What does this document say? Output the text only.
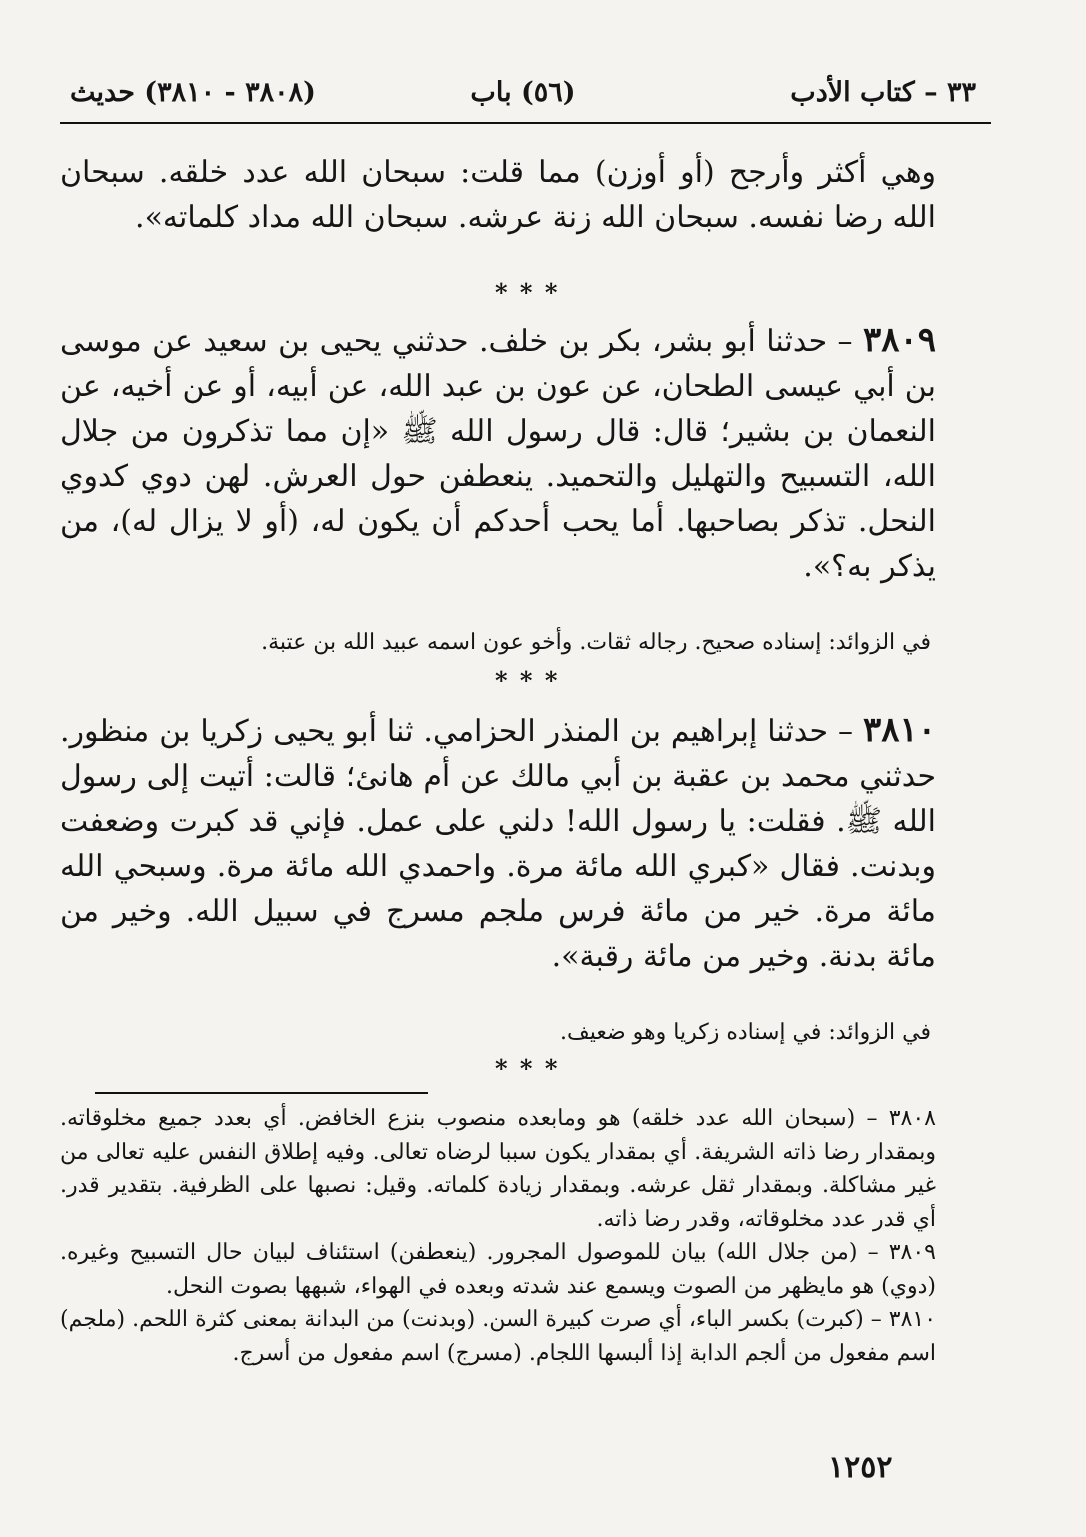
٣٣ – كتاب الأدب
(٥٦) باب
(٣٨٠٨ - ٣٨١٠) حديث
وهي أكثر وأرجح (أو أوزن) مما قلت: سبحان الله عدد خلقه. سبحان الله رضا نفسه. سبحان الله زنة عرشه. سبحان الله مداد كلماته».
* * *
٣٨٠٩ – حدثنا أبو بشر، بكر بن خلف. حدثني يحيى بن سعيد عن موسى بن أبي عيسى الطحان، عن عون بن عبد الله، عن أبيه، أو عن أخيه، عن النعمان بن بشير؛ قال: قال رسول الله ﷺ «إن مما تذكرون من جلال الله، التسبيح والتهليل والتحميد. ينعطفن حول العرش. لهن دوي كدوي النحل. تذكر بصاحبها. أما يحب أحدكم أن يكون له، (أو لا يزال له)، من يذكر به؟».
في الزوائد: إسناده صحيح. رجاله ثقات. وأخو عون اسمه عبيد الله بن عتبة.
* * *
٣٨١٠ – حدثنا إبراهيم بن المنذر الحزامي. ثنا أبو يحيى زكريا بن منظور. حدثني محمد بن عقبة بن أبي مالك عن أم هانئ؛ قالت: أتيت إلى رسول الله ﷺ. فقلت: يا رسول الله! دلني على عمل. فإني قد كبرت وضعفت وبدنت. فقال «كبري الله مائة مرة. واحمدي الله مائة مرة. وسبحي الله مائة مرة. خير من مائة فرس ملجم مسرج في سبيل الله. وخير من مائة بدنة. وخير من مائة رقبة».
في الزوائد: في إسناده زكريا وهو ضعيف.
* * *

٣٨٠٨ – (سبحان الله عدد خلقه) هو ومابعده منصوب بنزع الخافض. أي بعدد جميع مخلوقاته. وبمقدار رضا ذاته الشريفة. أي بمقدار يكون سببا لرضاه تعالى. وفيه إطلاق النفس عليه تعالى من غير مشاكلة. وبمقدار ثقل عرشه. وبمقدار زيادة كلماته. وقيل: نصبها على الظرفية. بتقدير قدر. أي قدر عدد مخلوقاته، وقدر رضا ذاته.

٣٨٠٩ – (من جلال الله) بيان للموصول المجرور. (ينعطفن) استئناف لبيان حال التسبيح وغيره. (دوي) هو مايظهر من الصوت ويسمع عند شدته وبعده في الهواء، شبهها بصوت النحل.

٣٨١٠ – (كبرت) بكسر الباء، أي صرت كبيرة السن. (وبدنت) من البدانة بمعنى كثرة اللحم. (ملجم) اسم مفعول من ألجم الدابة إذا ألبسها اللجام. (مسرج) اسم مفعول من أسرج.

١٢٥٢
